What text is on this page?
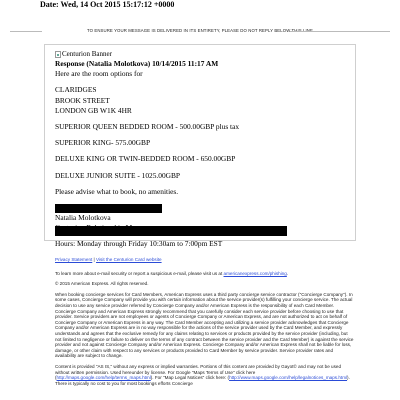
Date: Wed, 14 Oct 2015 15:17:12 +0000
TO ENSURE YOUR MESSAGE IS DELIVERED IN ITS ENTIRETY, PLEASE DO NOT REPLY BELOW THIS LINE
Centurion Banner
Response (Natalia Molotkova) 10/14/2015 11:17 AM
Here are the room options for
CLARIDGES
BROOK STREET
LONDON GB W1K 4HR
SUPERIOR QUEEN BEDDED ROOM - 500.00GBP plus tax
SUPERIOR KING- 575.00GBP
DELUXE KING OR TWIN-BEDDED ROOM - 650.00GBP
DELUXE JUNIOR SUITE - 1025.00GBP
Please advise what to book, no amenities.
Natalia Molotkova
Hours: Monday through Friday 10:30am to 7:00pm EST
Privacy Statement | Visit the Centurion Card website
To learn more about e-mail security or report a suspicious e-mail, please visit us at americanexpress.com/phishing.
© 2015 American Express. All rights reserved.
When booking concierge services for Card Members, American Express uses a third party concierge service contractor ("Concierge Company"). In some cases, Concierge Company will provide you with certain information about the service provider(s) fulfilling your concierge service. The actual decision to use any service provider referred by Concierge Company and/or American Express is the responsibility of each Card Member. Concierge Company and American Express strongly recommend that you carefully consider each service provider before choosing to use that provider. Service providers are not employees or agents of Concierge Company or American Express, and are not authorized to act on behalf of Concierge Company or American Express in any way. The Card Member accepting and utilizing a service provider acknowledges that Concierge Company and/or American Express are in no way responsible for the actions of the service provider used by the Card Member, and expressly understands and agrees that the exclusive remedy for any claims relating to services or products provided by the service provider (including, but not limited to negligence or failure to deliver on the terms of any contract between the service provider and the Card Member) is against the service provider and not against Concierge Company and/or American Express. Concierge Company and/or American Express shall not be liable for loss, damage, or other claim with respect to any services or products provided to Card Member by service provider. Service provider rates and availability are subject to change.
Content is provided "AS IS," without any express or implied warranties. Portions of this content are provided by Gayot© and may not be used without written permission. Used hereunder by license. For Google "Maps Terms of Use" click here (http://maps.google.com/help/terms_maps.html). For "Map Legal Notices" click here: (http://www.maps.google.com/help/legalnotices_maps.html). There is typically no cost to you for most bookings efforts Concierge
